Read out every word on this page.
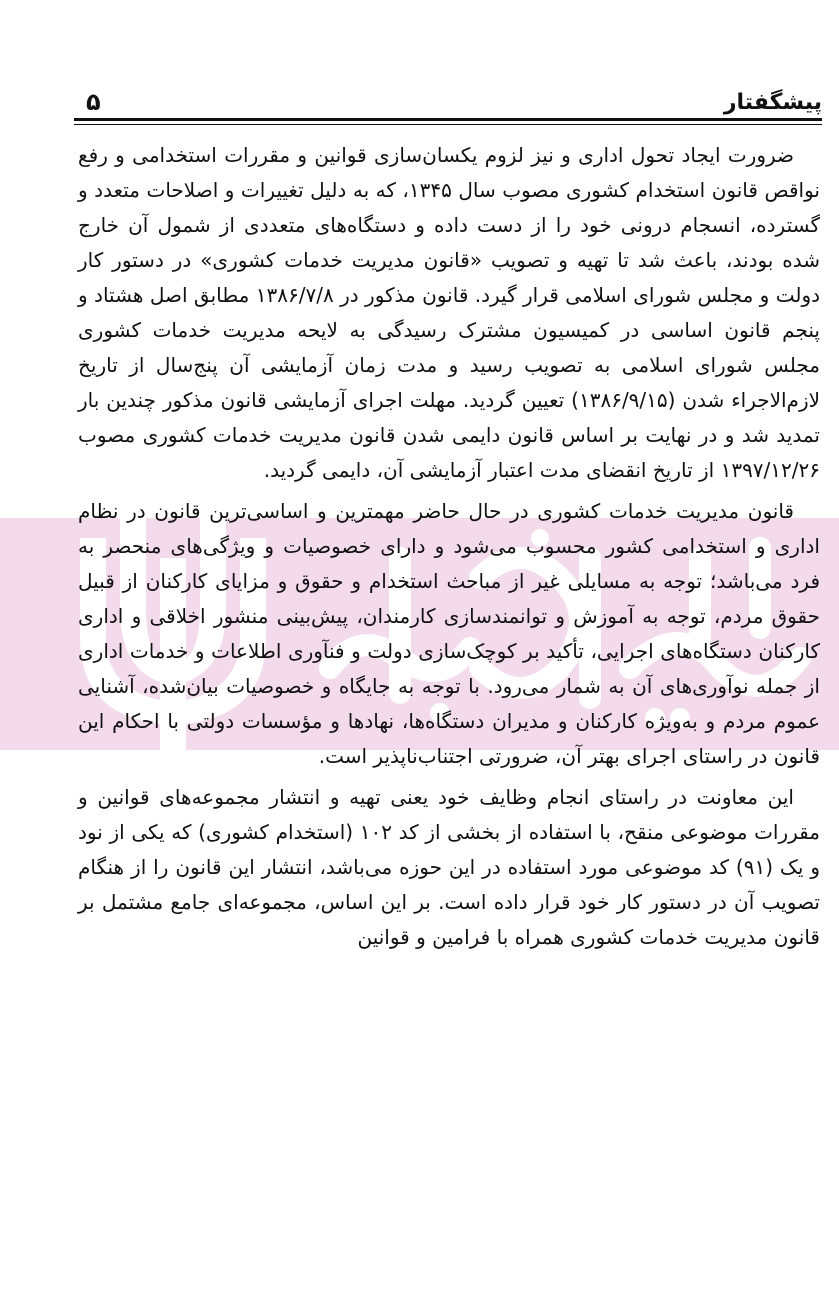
پیشگفتار
۵

ضرورت ایجاد تحول اداری و نیز لزوم یکسان‌سازی قوانین و مقررات استخدامی و رفع نواقص قانون استخدام کشوری مصوب سال ۱۳۴۵، که به دلیل تغییرات و اصلاحات متعدد و گسترده، انسجام درونی خود را از دست داده و دستگاه‌های متعددی از شمول آن خارج شده بودند، باعث شد تا تهیه و تصویب «قانون مدیریت خدمات کشوری» در دستور کار دولت و مجلس شورای اسلامی قرار گیرد. قانون مذکور در ۱۳۸۶/۷/۸ مطابق اصل هشتاد و پنجم قانون اساسی در کمیسیون مشترک رسیدگی به لایحه مدیریت خدمات کشوری مجلس شورای اسلامی به تصویب رسید و مدت زمان آزمایشی آن پنج‌سال از تاریخ لازم‌الاجراء شدن (۱۳۸۶/۹/۱۵) تعیین گردید. مهلت اجرای آزمایشی قانون مذکور چندین بار تمدید شد و در نهایت بر اساس قانون دایمی شدن قانون مدیریت خدمات کشوری مصوب ۱۳۹۷/۱۲/۲۶ از تاریخ انقضای مدت اعتبار آزمایشی آن، دایمی گردید.

قانون مدیریت خدمات کشوری در حال حاضر مهمترین و اساسی‌ترین قانون در نظام اداری و استخدامی کشور محسوب می‌شود و دارای خصوصیات و ویژگی‌های منحصر به فرد می‌باشد؛ توجه به مسایلی غیر از مباحث استخدام و حقوق و مزایای کارکنان از قبیل حقوق مردم، توجه به آموزش و توانمندسازی کارمندان، پیش‌بینی منشور اخلاقی و اداری کارکنان دستگاه‌های اجرایی، تأکید بر کوچک‌سازی دولت و فنآوری اطلاعات و خدمات اداری از جمله نوآوری‌های آن به شمار می‌رود. با توجه به جایگاه و خصوصیات بیان‌شده، آشنایی عموم مردم و به‌ویژه کارکنان و مدیران دستگاه‌ها، نهادها و مؤسسات دولتی با احکام این قانون در راستای اجرای بهتر آن، ضرورتی اجتناب‌ناپذیر است.

این معاونت در راستای انجام وظایف خود یعنی تهیه و انتشار مجموعه‌های قوانین و مقررات موضوعی منقح، با استفاده از بخشی از کد ۱۰۲ (استخدام کشوری) که یکی از نود و یک (۹۱) کد موضوعی مورد استفاده در این حوزه می‌باشد، انتشار این قانون را از هنگام تصویب آن در دستور کار خود قرار داده است. بر این اساس، مجموعه‌ای جامع مشتمل بر قانون مدیریت خدمات کشوری همراه با فرامین و قوانین
